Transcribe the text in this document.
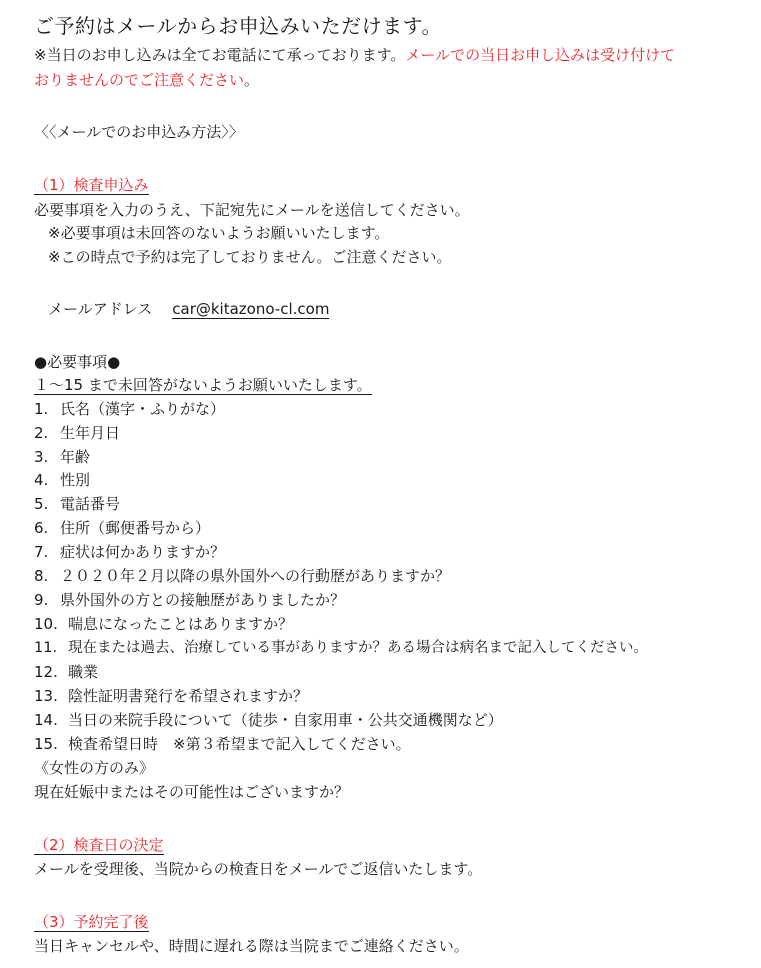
ご予約はメールからお申込みいただけます。
※当日のお申し込みは全てお電話にて承っております。メールでの当日お申し込みは受け付けて
おりませんのでご注意ください。
〈〈メールでのお申込み方法〉〉
（1）検査申込み
必要事項を入力のうえ、下記宛先にメールを送信してください。
※必要事項は未回答のないようお願いいたします。
※この時点で予約は完了しておりません。ご注意ください。
メールアドレス car@kitazono-cl.com
●必要事項●
１〜15 まで未回答がないようお願いいたします。
1. 氏名（漢字・ふりがな）
2. 生年月日
3. 年齢
4. 性別
5. 電話番号
6. 住所（郵便番号から）
7. 症状は何かありますか？
8. ２０２０年２月以降の県外国外への行動歴がありますか？
9. 県外国外の方との接触歴がありましたか？
10. 喘息になったことはありますか？
11. 現在または過去、治療している事がありますか？ある場合は病名まで記入してください。
12. 職業
13. 陰性証明書発行を希望されますか？
14. 当日の来院手段について（徒歩・自家用車・公共交通機関など）
15. 検査希望日時　※第３希望まで記入してください。
《女性の方のみ》
現在妊娠中またはその可能性はございますか？
（2）検査日の決定
メールを受理後、当院からの検査日をメールでご返信いたします。
（3）予約完了後
当日キャンセルや、時間に遅れる際は当院までご連絡ください。
